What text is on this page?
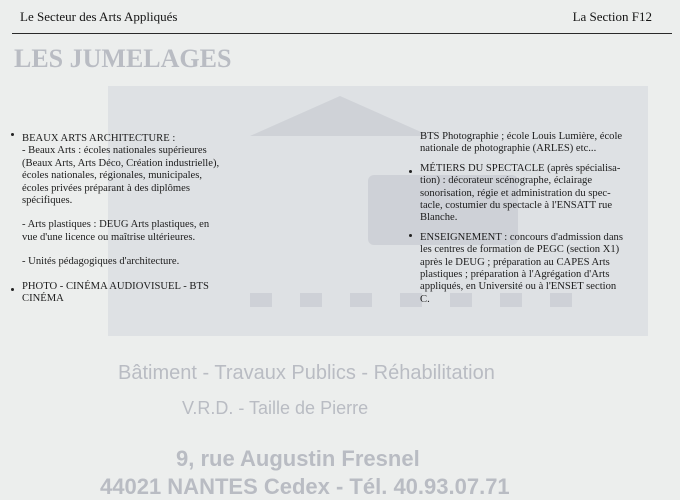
LES JUMELAGES
Bâtiment - Travaux Publics - Réhabilitation
V.R.D. - Taille de Pierre
9, rue Augustin Fresnel
44021 NANTES Cedex - Tél. 40.93.07.71
Le Secteur des Arts Appliqués	La Section F12
BEAUX ARTS ARCHITECTURE :
- Beaux Arts : écoles nationales supérieures
(Beaux Arts, Arts Déco, Création industrielle),
écoles nationales, régionales, municipales,
écoles privées préparant à des diplômes
spécifiques.
- Arts plastiques : DEUG Arts plastiques, en
vue d'une licence ou maîtrise ultérieures.
- Unités pédagogiques d'architecture.
PHOTO - CINÉMA AUDIOVISUEL - BTS
CINÉMA
BTS Photographie ; école Louis Lumière, école
nationale de photographie (ARLES) etc...
MÉTIERS DU SPECTACLE (après spécialisa-
tion) : décorateur scénographe, éclairage
sonorisation, régie et administration du spec-
tacle, costumier du spectacle à l'ENSATT rue
Blanche.
ENSEIGNEMENT : concours d'admission dans
les centres de formation de PEGC (section X1)
après le DEUG ; préparation au CAPES Arts
plastiques ; préparation à l'Agrégation d'Arts
appliqués, en Université ou à l'ENSET section
C.
